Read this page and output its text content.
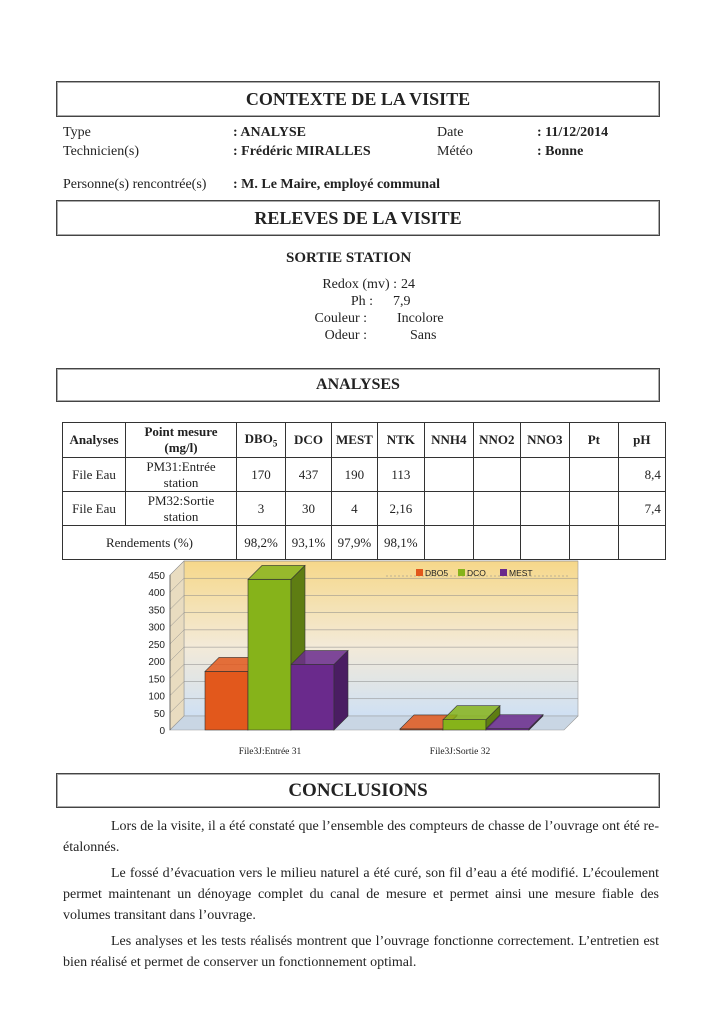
CONTEXTE DE LA VISITE
Type	: ANALYSE	Date	: 11/12/2014
Technicien(s)	: Frédéric MIRALLES	Météo	: Bonne
Personne(s) rencontrée(s) : M. Le Maire, employé communal
RELEVES DE LA VISITE
SORTIE STATION
Redox (mv) : 24
Ph : 7,9
Couleur : Incolore
Odeur :	Sans
ANALYSES
Analyses	Point mesure (mg/l)	$DBO_5$	DCO	MEST	NTK	NNH4	NNO2	NNO3	Pt	pH
File Eau	PM31:Entrée station	170	437	190	113					8,4
File Eau	PM32:Sortie station	3	30	4	2,16					7,4
Rendements (%)		98,2%	93,1%	97,9%	98,1%					
0
50
100
150
200
250
300
350
400
450
File3J:Entrée 31	File3J:Sortie 32
DBO5 DCO	MEST
CONCLUSIONS

Lors de la visite, il a été constaté que l’ensemble des compteurs de chasse de l’ouvrage ont été re-étalonnés.

Le fossé d’évacuation vers le milieu naturel a été curé, son fil d’eau a été modifié. L’écoulement permet maintenant un dénoyage complet du canal de mesure et permet ainsi une mesure fiable des volumes transitant dans l’ouvrage.

Les analyses et les tests réalisés montrent que l’ouvrage fonctionne correctement. L’entretien est bien réalisé et permet de conserver un fonctionnement optimal.
